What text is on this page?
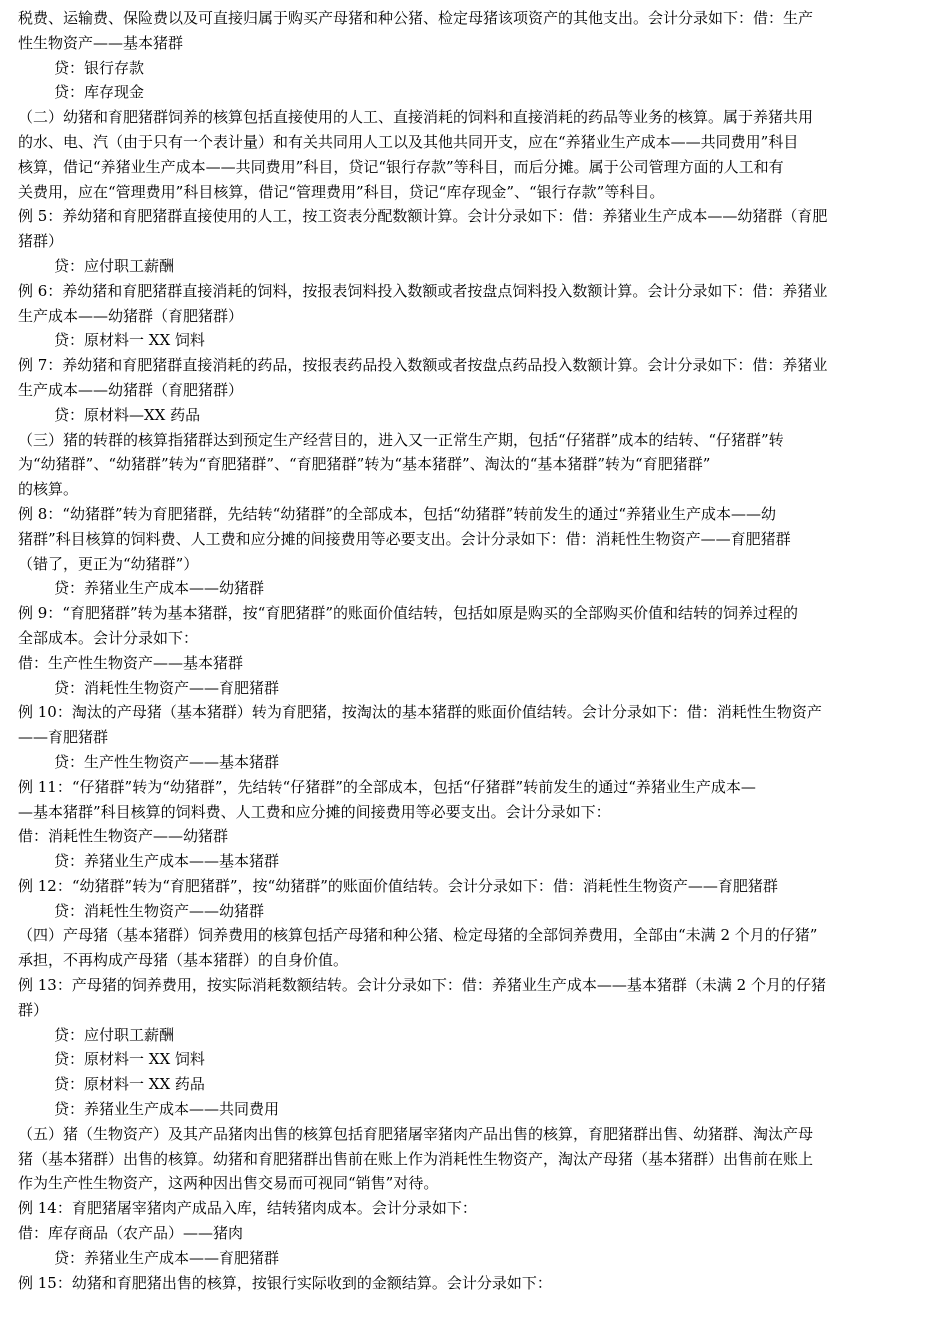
税费、运输费、保险费以及可直接归属于购买产母猪和种公猪、检定母猪该项资产的其他支出。会计分录如下：借：生产
性生物资产——基本猪群
贷：银行存款
贷：库存现金
（二）幼猪和育肥猪群饲养的核算包括直接使用的人工、直接消耗的饲料和直接消耗的药品等业务的核算。属于养猪共用
的水、电、汽（由于只有一个表计量）和有关共同用人工以及其他共同开支，应在“养猪业生产成本——共同费用”科目
核算，借记“养猪业生产成本——共同费用”科目，贷记“银行存款”等科目，而后分摊。属于公司管理方面的人工和有
关费用，应在“管理费用”科目核算，借记“管理费用”科目，贷记“库存现金”、“银行存款”等科目。
例 5：养幼猪和育肥猪群直接使用的人工，按工资表分配数额计算。会计分录如下：借：养猪业生产成本——幼猪群（育肥
猪群）
贷：应付职工薪酬
例 6：养幼猪和育肥猪群直接消耗的饲料，按报表饲料投入数额或者按盘点饲料投入数额计算。会计分录如下：借：养猪业
生产成本——幼猪群（育肥猪群）
贷：原材料一 XX 饲料
例 7：养幼猪和育肥猪群直接消耗的药品，按报表药品投入数额或者按盘点药品投入数额计算。会计分录如下：借：养猪业
生产成本——幼猪群（育肥猪群）
贷：原材料—XX 药品
（三）猪的转群的核算指猪群达到预定生产经营目的，进入又一正常生产期，包括“仔猪群”成本的结转、“仔猪群”转
为“幼猪群”、“幼猪群”转为“育肥猪群”、“育肥猪群”转为“基本猪群”、淘汰的“基本猪群”转为“育肥猪群”
的核算。
例 8：“幼猪群”转为育肥猪群，先结转“幼猪群”的全部成本，包括“幼猪群”转前发生的通过“养猪业生产成本——幼
猪群”科目核算的饲料费、人工费和应分摊的间接费用等必要支出。会计分录如下：借：消耗性生物资产——育肥猪群
（错了，更正为“幼猪群”）
贷：养猪业生产成本——幼猪群
例 9：“育肥猪群”转为基本猪群，按“育肥猪群”的账面价值结转，包括如原是购买的全部购买价值和结转的饲养过程的
全部成本。会计分录如下：
借：生产性生物资产——基本猪群
贷：消耗性生物资产——育肥猪群
例 10：淘汰的产母猪（基本猪群）转为育肥猪，按淘汰的基本猪群的账面价值结转。会计分录如下：借：消耗性生物资产
——育肥猪群
贷：生产性生物资产——基本猪群
例 11：“仔猪群”转为“幼猪群”，先结转“仔猪群”的全部成本，包括“仔猪群”转前发生的通过“养猪业生产成本—
—基本猪群”科目核算的饲料费、人工费和应分摊的间接费用等必要支出。会计分录如下：
借：消耗性生物资产——幼猪群
贷：养猪业生产成本——基本猪群
例 12：“幼猪群”转为“育肥猪群”，按“幼猪群”的账面价值结转。会计分录如下：借：消耗性生物资产——育肥猪群
贷：消耗性生物资产——幼猪群
（四）产母猪（基本猪群）饲养费用的核算包括产母猪和种公猪、检定母猪的全部饲养费用，全部由“未满 2 个月的仔猪”
承担，不再构成产母猪（基本猪群）的自身价值。
例 13：产母猪的饲养费用，按实际消耗数额结转。会计分录如下：借：养猪业生产成本——基本猪群（未满 2 个月的仔猪
群）
贷：应付职工薪酬
贷：原材料一 XX 饲料
贷：原材料一 XX 药品
贷：养猪业生产成本——共同费用
（五）猪（生物资产）及其产品猪肉出售的核算包括育肥猪屠宰猪肉产品出售的核算，育肥猪群出售、幼猪群、淘汰产母
猪（基本猪群）出售的核算。幼猪和育肥猪群出售前在账上作为消耗性生物资产，淘汰产母猪（基本猪群）出售前在账上
作为生产性生物资产，这两种因出售交易而可视同“销售”对待。
例 14：育肥猪屠宰猪肉产成品入库，结转猪肉成本。会计分录如下：
借：库存商品（农产品）——猪肉
贷：养猪业生产成本——育肥猪群
例 15：幼猪和育肥猪出售的核算，按银行实际收到的金额结算。会计分录如下：
